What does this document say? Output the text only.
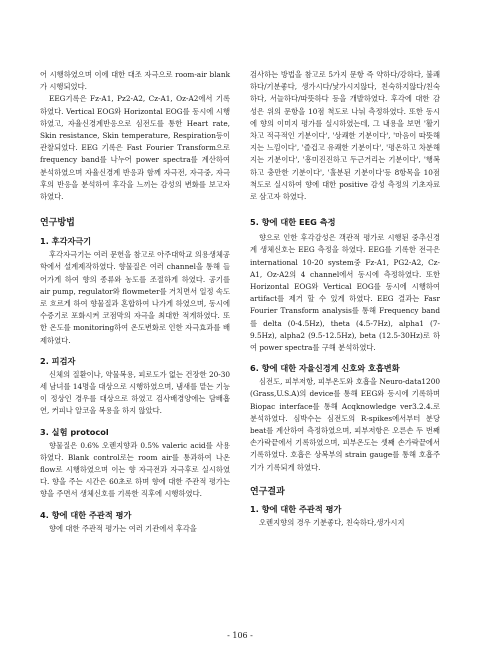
어 시행하였으며 이에 대한 대조 자극으로 room-air blank가 시행되었다.

EEG기록은 Fz-A1, Pz2-A2, Cz-A1, Oz-A2에서 기록하였다. Vertical EOG와 Horizontal EOG를 동시에 시행하였고, 자율신경계반응으로 심전도를 통한 Heart rate, Skin resistance, Skin temperature, Respiration등이 관찰되었다. EEG 기록은 Fast Fourier Transform으로 frequency band를 나누어 power spectra를 계산하여 분석하였으며 자율신경계 반응과 함께 자극전, 자극중, 자극후의 반응을 분석하여 후각을 느끼는 감성의 변화를 보고자 하였다.

연구방법
1. 후각자극기

후각자극기는 여러 문헌을 참고로 아주대학교 의용생체공학에서 설계제작하였다. 향물질은 여러 channel을 통해 들어가게 하여 향의 종류와 농도를 조절하게 하였다. 공기를 air pump, regulator와 flowmeter를 거치면서 일정 속도로 흐르게 하여 향물질과 혼합하여 나가게 하였으며, 동시에 수증기로 포화시켜 코점막의 자극을 최대한 적게하였다. 또한 온도를 monitoring하여 온도변화로 인한 자극효과를 배제하였다.

2. 피검자

신체의 질환이나, 약물복용, 피로도가 없는 건장한 20-30세 남녀를 14명을 대상으로 시행하였으며, 냄새를 맡는 기능이 정상인 경우를 대상으로 하였고 검사배경양에는 담배흡연, 커피나 알코올 복용을 하지 않았다.

3. 실험 protocol

향물질은 0.6% 오렌지향과 0.5% valeric acid를 사용하였다. Blank control로는 room air를 통과하여 나온 flow로 시행하였으며 이는 향 자극전과 자극후로 실시하였다. 향을 주는 시간은 60초로 하며 향에 대한 주관적 평가는 향을 주면서 생체신호를 기록한 직후에 시행하였다.

4. 향에 대한 주관적 평가

향에 대한 주관적 평가는 여러 기관에서 후각을

검사하는 방법을 참고로 5가지 문항 즉 약하다/강하다, 불쾌하다/기분좋다, 생가시다/낯가시지않다, 친숙하지않다/친숙하다, 서늘하다/따뜻하다 등을 개발하였다. 후각에 대한 감성은 위의 문항을 10점 척도로 나눠 측정하였다. 또한 동시에 향의 이미지 평가를 실시하였는데, 그 내용을 보면 '활기차고 적극적인 기분이다', '상쾌한 기분이다', '마음이 따뜻해지는 느낌이다', '즐겁고 유쾌한 기분이다', '평온하고 차분해지는 기분이다', '흥미진진하고 두근거리는 기분이다', '행복하고 충만한 기분이다', '홀분된 기분이다'등 8항목을 10점 척도로 실시하여 향에 대한 positive 감성 측정의 기초자료로 삼고자 하였다.

5. 향에 대한 EEG 측정

향으로 인한 후각감성은 객관적 평가로 시행된 중추신경계 생체신호는 EEG 측정을 하였다. EEG를 기록한 전극은 international 10-20 system중 Fz-A1, PG2-A2, Cz-A1, Oz-A2의 4 channel에서 동시에 측정하였다. 또한 Horizontal EOG와 Vertical EOG를 동시에 시행하여 artifact를 제거 할 수 있게 하였다. EEG 결과는 Fasr Fourier Transform analysis를 통해 Frequency band를 delta (0-4.5Hz), theta (4.5-7Hz), alpha1 (7-9.5Hz), alpha2 (9.5-12.5Hz), beta (12.5-30Hz)로 하여 power spectra를 구해 분석하였다.

6. 향에 대한 자율신경계 신호와 호흡변화

심전도, 피부저항, 피부온도와 호흡을 Neuro-data1200 (Grass,U.S.A)의 device를 통해 EEG와 동시에 기록하며 Biopac interface를 통해 Acqknowledge ver3.2.4.로 분석하였다. 심박수는 심전도의 R-spikes에서부터 분당 beat를 계산하여 측정하였으며, 피부저항은 오른손 두 번째 손가락끝에서 기록하였으며, 피부온도는 셋째 손가락끝에서 기록하였다. 호흡은 상복부의 strain gauge를 통해 호흡주기가 기록되게 하였다.

연구결과
1. 향에 대한 주관적 평가

오렌지향의 경우 기분좋다, 친숙하다,생가시지

- 106 -
